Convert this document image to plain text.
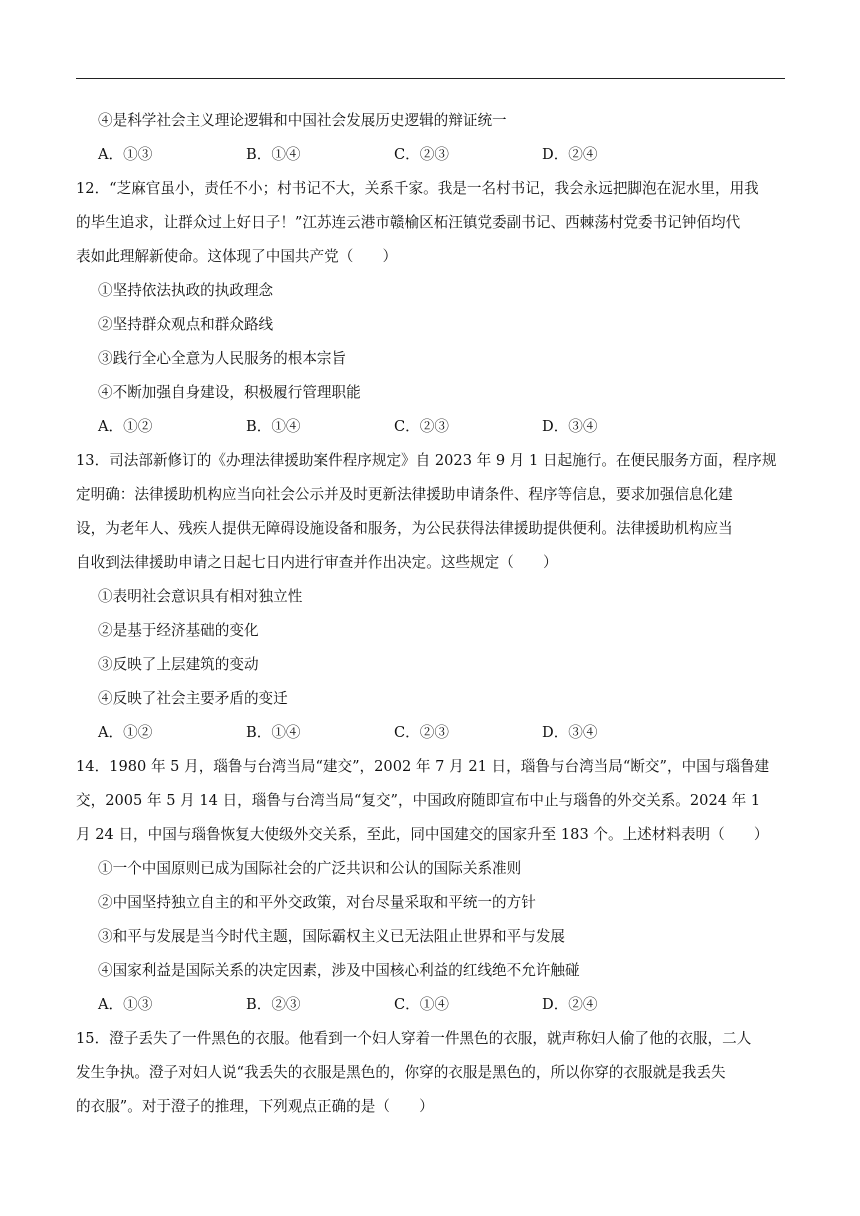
④是科学社会主义理论逻辑和中国社会发展历史逻辑的辩证统一
A．①③	B．①④	C．②③	D．②④
12．“芝麻官虽小，责任不小；村书记不大，关系千家。我是一名村书记，我会永远把脚泡在泥水里，用我
的毕生追求，让群众过上好日子！”江苏连云港市赣榆区柘汪镇党委副书记、西棘荡村党委书记钟佰均代
表如此理解新使命。这体现了中国共产党（　　）
①坚持依法执政的执政理念
②坚持群众观点和群众路线
③践行全心全意为人民服务的根本宗旨
④不断加强自身建设，积极履行管理职能
A．①②	B．①④	C．②③	D．③④
13．司法部新修订的《办理法律援助案件程序规定》自 2023 年 9 月 1 日起施行。在便民服务方面，程序规
定明确：法律援助机构应当向社会公示并及时更新法律援助申请条件、程序等信息，要求加强信息化建
设，为老年人、残疾人提供无障碍设施设备和服务，为公民获得法律援助提供便利。法律援助机构应当
自收到法律援助申请之日起七日内进行审查并作出决定。这些规定（　　）
①表明社会意识具有相对独立性
②是基于经济基础的变化
③反映了上层建筑的变动
④反映了社会主要矛盾的变迁
A．①②	B．①④	C．②③	D．③④
14．1980 年 5 月，瑙鲁与台湾当局“建交”，2002 年 7 月 21 日，瑙鲁与台湾当局“断交”，中国与瑙鲁建
交，2005 年 5 月 14 日，瑙鲁与台湾当局“复交”，中国政府随即宣布中止与瑙鲁的外交关系。2024 年 1
月 24 日，中国与瑙鲁恢复大使级外交关系，至此，同中国建交的国家升至 183 个。上述材料表明（　　）
①一个中国原则已成为国际社会的广泛共识和公认的国际关系准则
②中国坚持独立自主的和平外交政策，对台尽量采取和平统一的方针
③和平与发展是当今时代主题，国际霸权主义已无法阻止世界和平与发展
④国家利益是国际关系的决定因素，涉及中国核心利益的红线绝不允许触碰
A．①③	B．②③	C．①④	D．②④
15．澄子丢失了一件黑色的衣服。他看到一个妇人穿着一件黑色的衣服，就声称妇人偷了他的衣服，二人
发生争执。澄子对妇人说“我丢失的衣服是黑色的，你穿的衣服是黑色的，所以你穿的衣服就是我丢失
的衣服”。对于澄子的推理，下列观点正确的是（　　）
